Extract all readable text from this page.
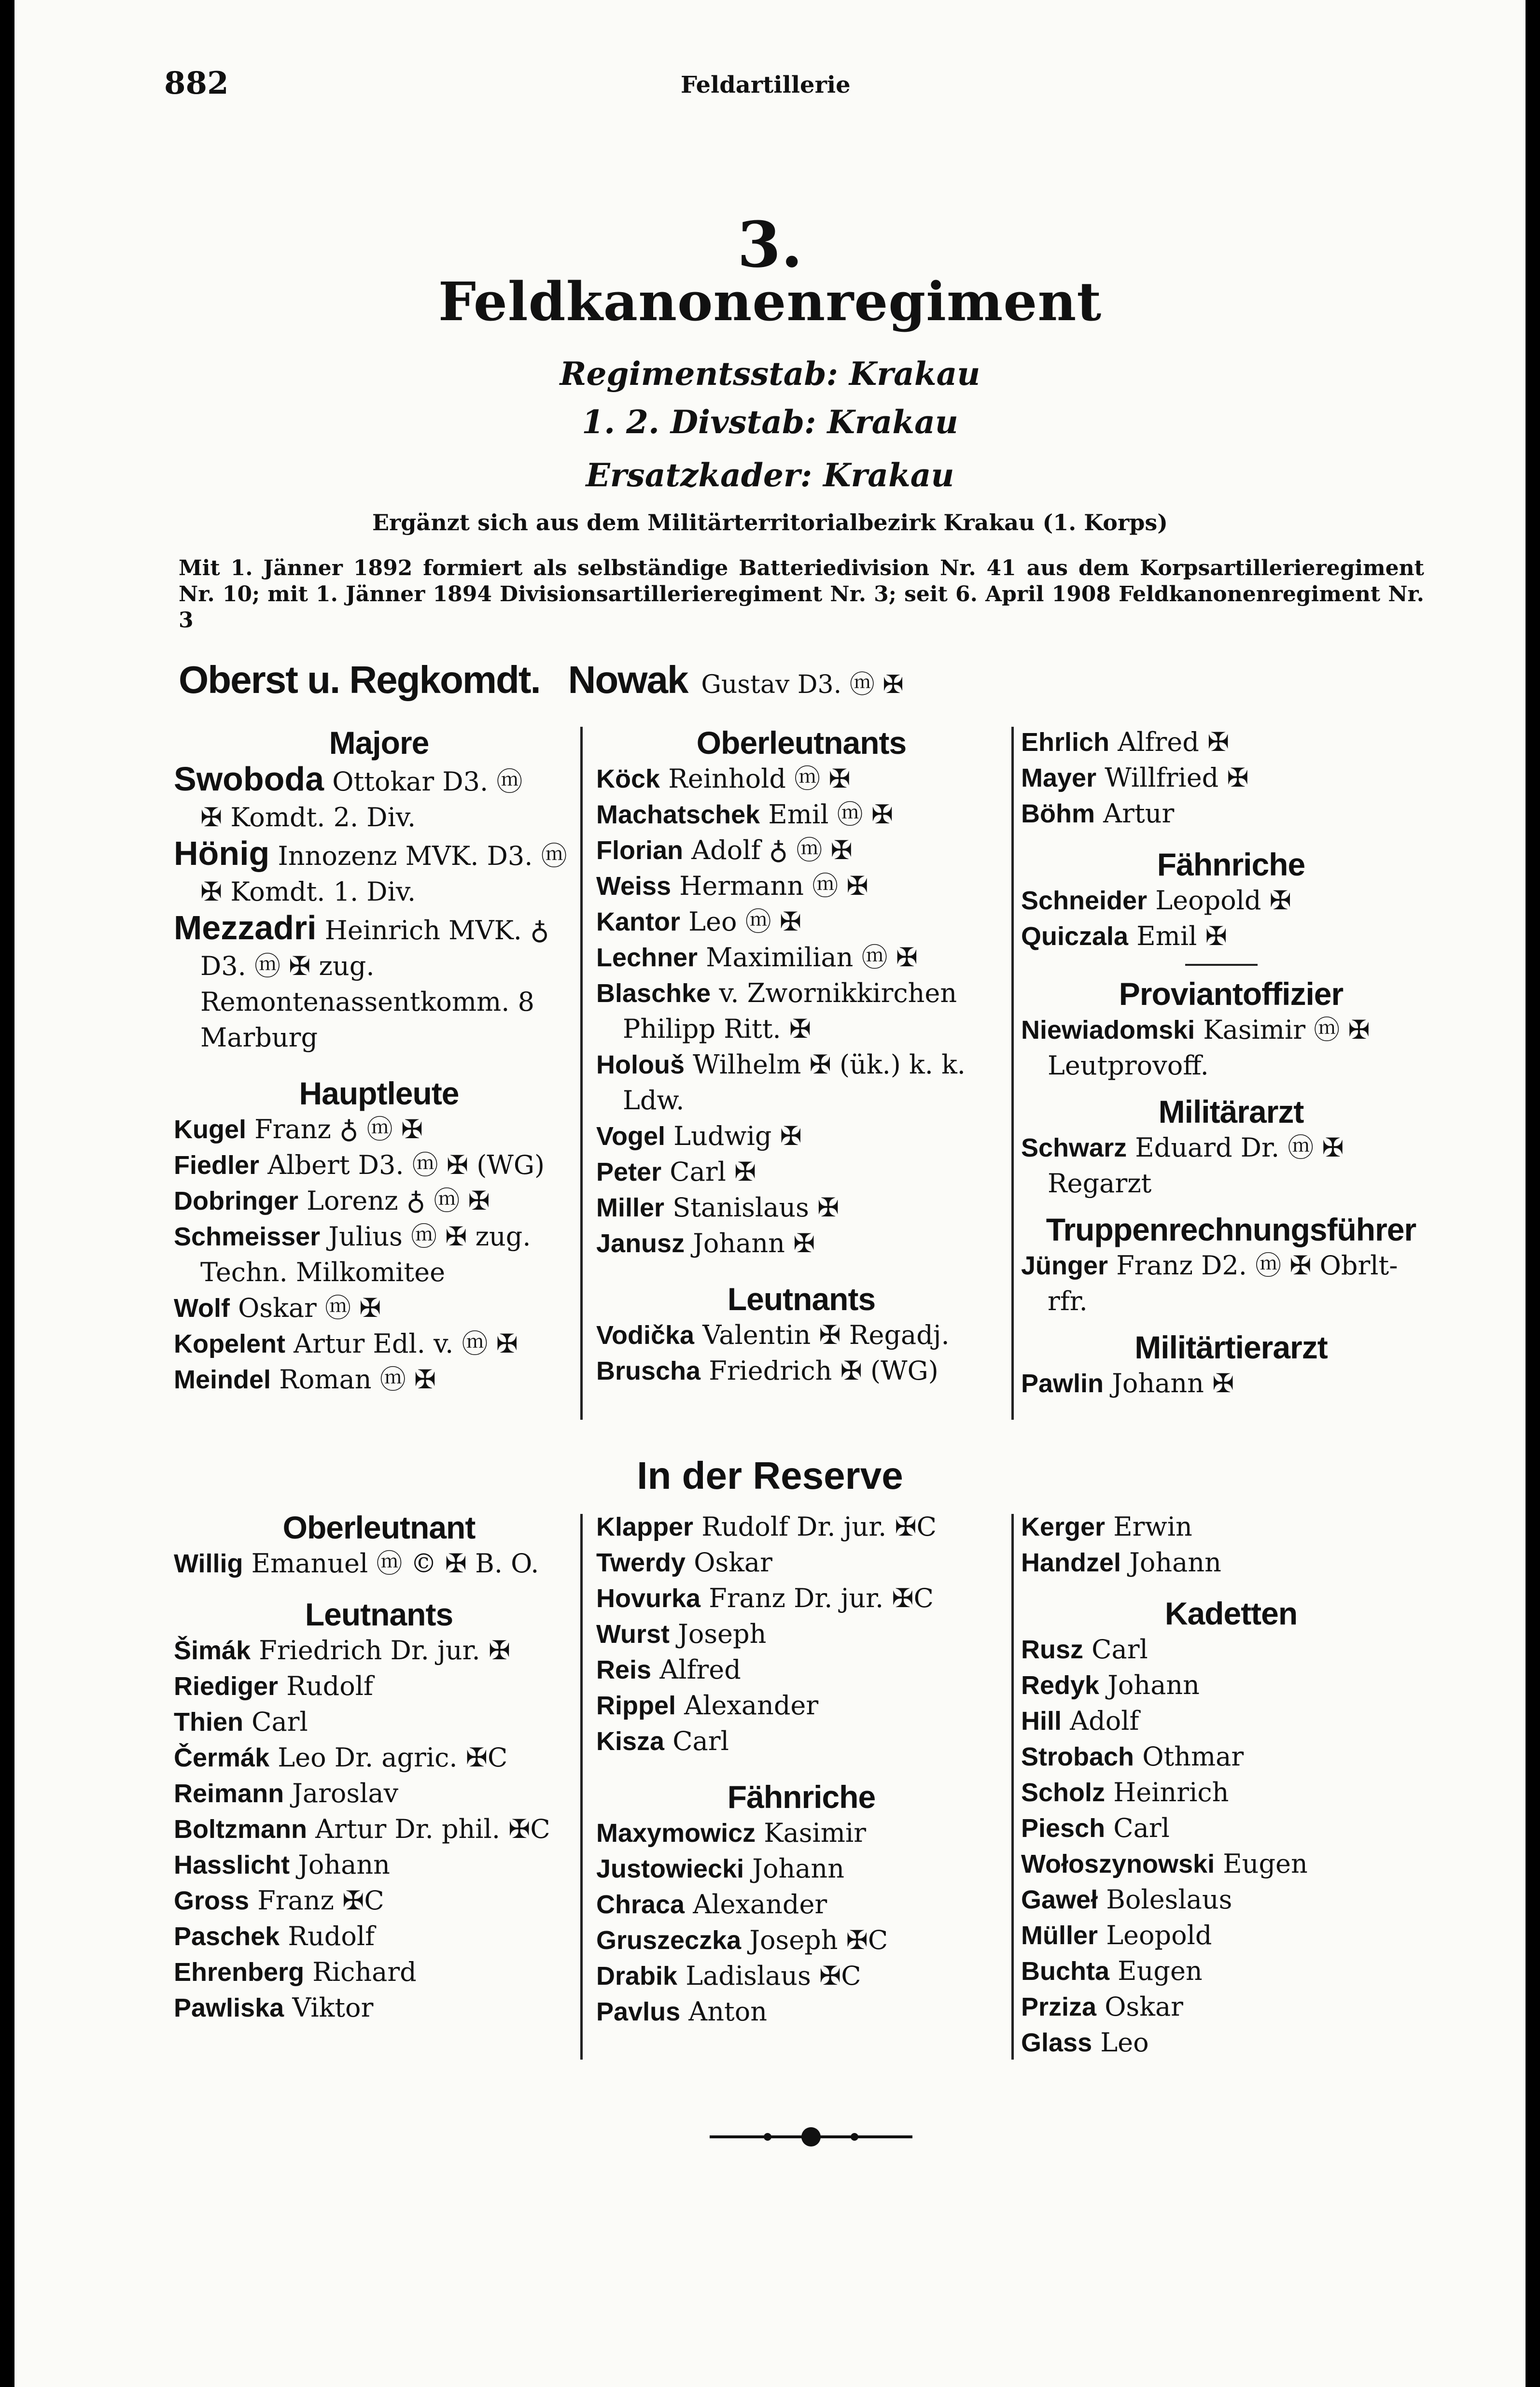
882	Feldartillerie
3.
Feldkanonenregiment
Regimentsstab: Krakau
1. 2. Divstab: Krakau
Ersatzkader: Krakau
Ergänzt sich aus dem Militärterritorialbezirk Krakau (1. Korps)
Mit 1. Jänner 1892 formiert als selbständige Batteriedivision Nr. 41 aus dem Korpsartillerieregiment Nr. 10; mit 1. Jänner 1894 Divisionsartillerieregiment Nr. 3; seit 6. April 1908 Feldkanonenregiment Nr. 3
Oberst u. Regkomdt. Nowak Gustav D3. ⓜ ✠
Majore
Swoboda Ottokar D3. ⓜ
✠ Komdt. 2. Div.
Hönig Innozenz MVK. D3. ⓜ
✠ Komdt. 1. Div.
Mezzadri Heinrich MVK. ♁
D3. ⓜ ✠ zug. Remontenassentkomm. 8 Marburg
Hauptleute
Kugel Franz ♁ ⓜ ✠
Fiedler Albert D3. ⓜ ✠ (WG)
Dobringer Lorenz ♁ ⓜ ✠
Schmeisser Julius ⓜ ✠ zug.
Techn. Milkomitee
Wolf Oskar ⓜ ✠
Kopelent Artur Edl. v. ⓜ ✠
Meindel Roman ⓜ ✠
Oberleutnants
Köck Reinhold ⓜ ✠
Machatschek Emil ⓜ ✠
Florian Adolf ♁ ⓜ ✠
Weiss Hermann ⓜ ✠
Kantor Leo ⓜ ✠
Lechner Maximilian ⓜ ✠
Blaschke v. Zwornikkirchen
Philipp Ritt. ✠
Holouš Wilhelm ✠ (ük.) k. k.
Ldw.
Vogel Ludwig ✠
Peter Carl ✠
Miller Stanislaus ✠
Janusz Johann ✠
Leutnants
Vodička Valentin ✠ Regadj.
Bruscha Friedrich ✠ (WG)
Ehrlich Alfred ✠
Mayer Willfried ✠
Böhm Artur
Fähnriche
Schneider Leopold ✠
Quiczala Emil ✠
Proviantoffizier
Niewiadomski Kasimir ⓜ ✠
Leutprovoff.
Militärarzt
Schwarz Eduard Dr. ⓜ ✠
Regarzt
Truppenrechnungsführer
Jünger Franz D2. ⓜ ✠ Obrlt-
rfr.
Militärtierarzt
Pawlin Johann ✠
In der Reserve
Oberleutnant
Willig Emanuel ⓜ © ✠ B. O.
Leutnants
Šimák Friedrich Dr. jur. ✠
Riediger Rudolf
Thien Carl
Čermák Leo Dr. agric. ✠C
Reimann Jaroslav
Boltzmann Artur Dr. phil. ✠C
Hasslicht Johann
Gross Franz ✠C
Paschek Rudolf
Ehrenberg Richard
Pawliska Viktor
Klapper Rudolf Dr. jur. ✠C
Twerdy Oskar
Hovurka Franz Dr. jur. ✠C
Wurst Joseph
Reis Alfred
Rippel Alexander
Kisza Carl
Fähnriche
Maxymowicz Kasimir
Justowiecki Johann
Chraca Alexander
Gruszeczka Joseph ✠C
Drabik Ladislaus ✠C
Pavlus Anton
Kerger Erwin
Handzel Johann
Kadetten
Rusz Carl
Redyk Johann
Hill Adolf
Strobach Othmar
Scholz Heinrich
Piesch Carl
Wołoszynowski Eugen
Gaweł Boleslaus
Müller Leopold
Buchta Eugen
Prziza Oskar
Glass Leo
